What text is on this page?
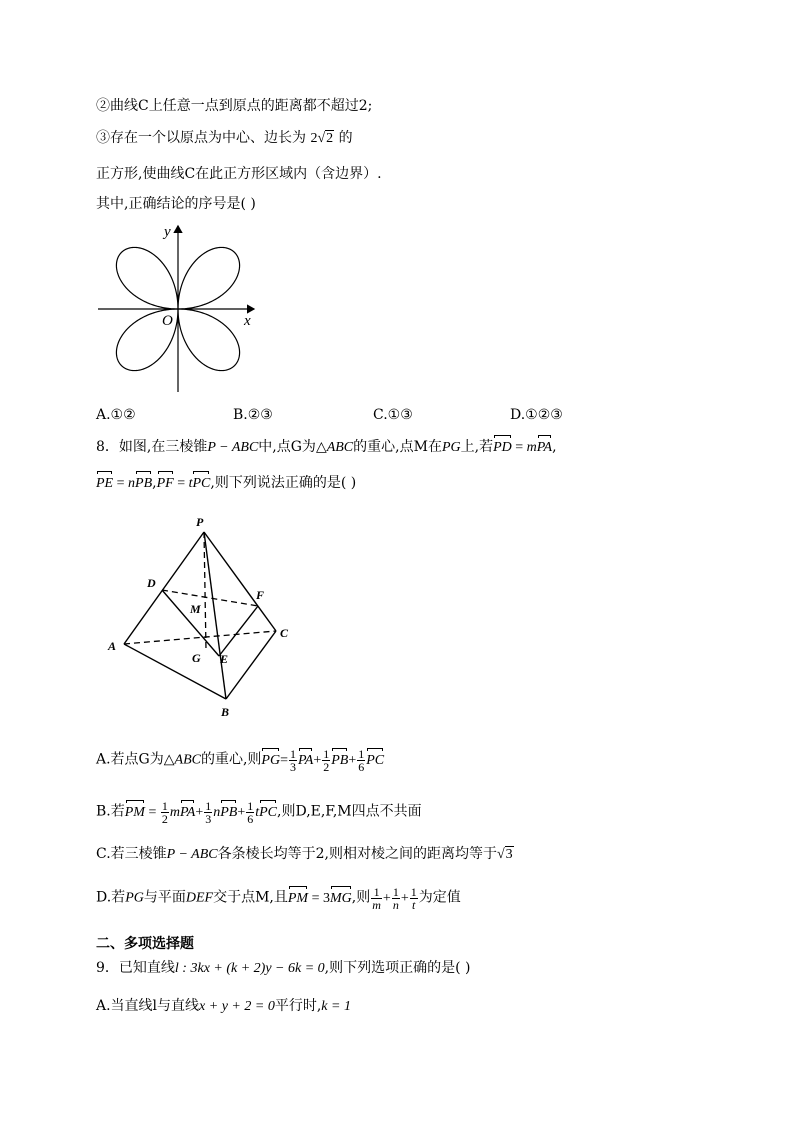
②曲线C上任意一点到原点的距离都不超过2;
③存在一个以原点为中心、边长为 2√2 的
正方形,使曲线C在此正方形区域内（含边界）.
其中,正确结论的序号是( )
y
x
O
A.①②	B.②③	C.①③	D.①②③
8．如图,在三棱锥P − ABC中,点G为△ABC的重心,点M在PG上,若PD = mPA,
PE = nPB,PF = tPC,则下列说法正确的是( )
P
D
F
M
A
C
G E
B
A.若点G为△ABC的重心,则$PG= \frac{1}{3} PA+ \frac{1}{2} PB+ \frac{1}{6}$ PC
B.若PM = $\frac{1}{2} mPA+ \frac{1}{3} nPB+ \frac{1}{6}$ tPC,则D,E,F,M四点不共面
C.若三棱锥P − ABC各条棱长均等于2,则相对棱之间的距离均等于√3
D.若PG与平面DEF交于点M,且PM = 3MG,则 $\frac{1}{m} + \frac{1}{n} + \frac{1}{t}$ 为定值
二、多项选择题
9．已知直线l : 3kx + (k + 2)y − 6k = 0,则下列选项正确的是( )
A.当直线l与直线x + y + 2 = 0平行时,k = 1
